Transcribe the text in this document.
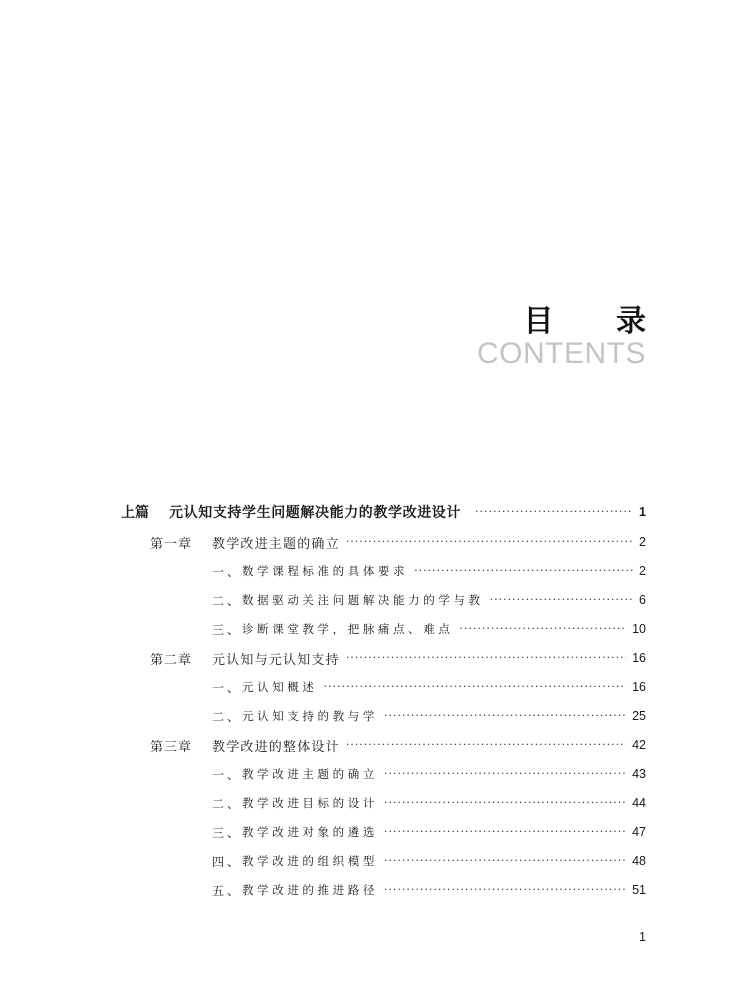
目 录
CONTENTS
上篇	元认知支持学生问题解决能力的教学改进设计 ·····	1
第一章	教学改进主题的确立 ·····	2
一、 数学课程标准的具体要求 ·····	2
二、 数据驱动关注问题解决能力的学与教 ·····	6
三、 诊断课堂教学，把脉痛点、难点 ·····	10
第二章	元认知与元认知支持 ·····	16
一、 元认知概述 ·····	16
二、 元认知支持的教与学 ·····	25
第三章	教学改进的整体设计 ·····	42
一、 教学改进主题的确立 ·····	43
二、 教学改进目标的设计 ·····	44
三、 教学改进对象的遴选 ·····	47
四、 教学改进的组织模型 ·····	48
五、 教学改进的推进路径 ·····	51
1
